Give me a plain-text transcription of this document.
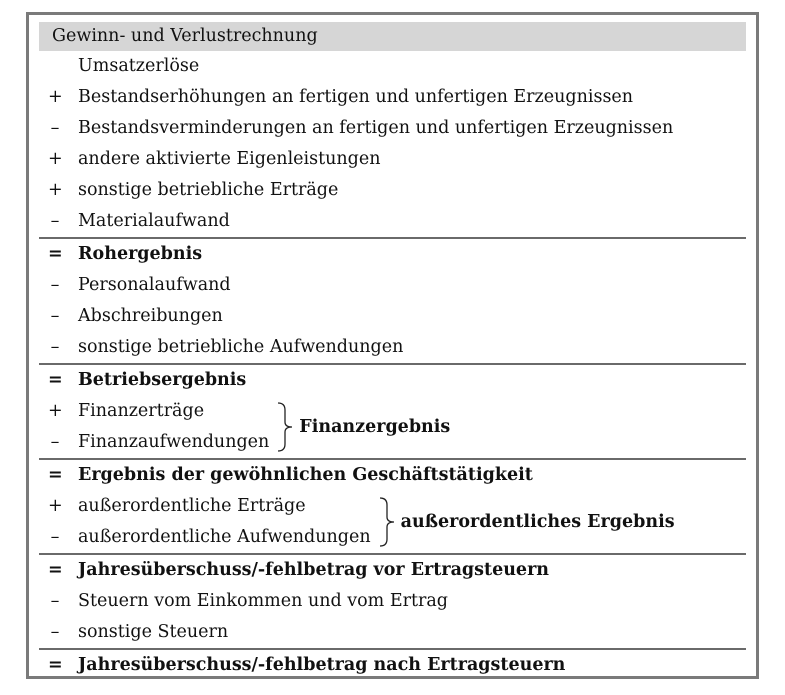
Gewinn- und Verlustrechnung
Umsatzerlöse
+ Bestandserhöhungen an fertigen und unfertigen Erzeugnissen
– Bestandsverminderungen an fertigen und unfertigen Erzeugnissen
+ andere aktivierte Eigenleistungen
+ sonstige betriebliche Erträge
– Materialaufwand
= Rohergebnis
– Personalaufwand
– Abschreibungen
– sonstige betriebliche Aufwendungen
= Betriebsergebnis
+ Finanzerträge
– Finanzaufwendungen
= Ergebnis der gewöhnlichen Geschäftstätigkeit
+ außerordentliche Erträge
– außerordentliche Aufwendungen
= Jahresüberschuss/-fehlbetrag vor Ertragsteuern
– Steuern vom Einkommen und vom Ertrag
– sonstige Steuern
= Jahresüberschuss/-fehlbetrag nach Ertragsteuern
Finanzergebnis
außerordentliches Ergebnis
